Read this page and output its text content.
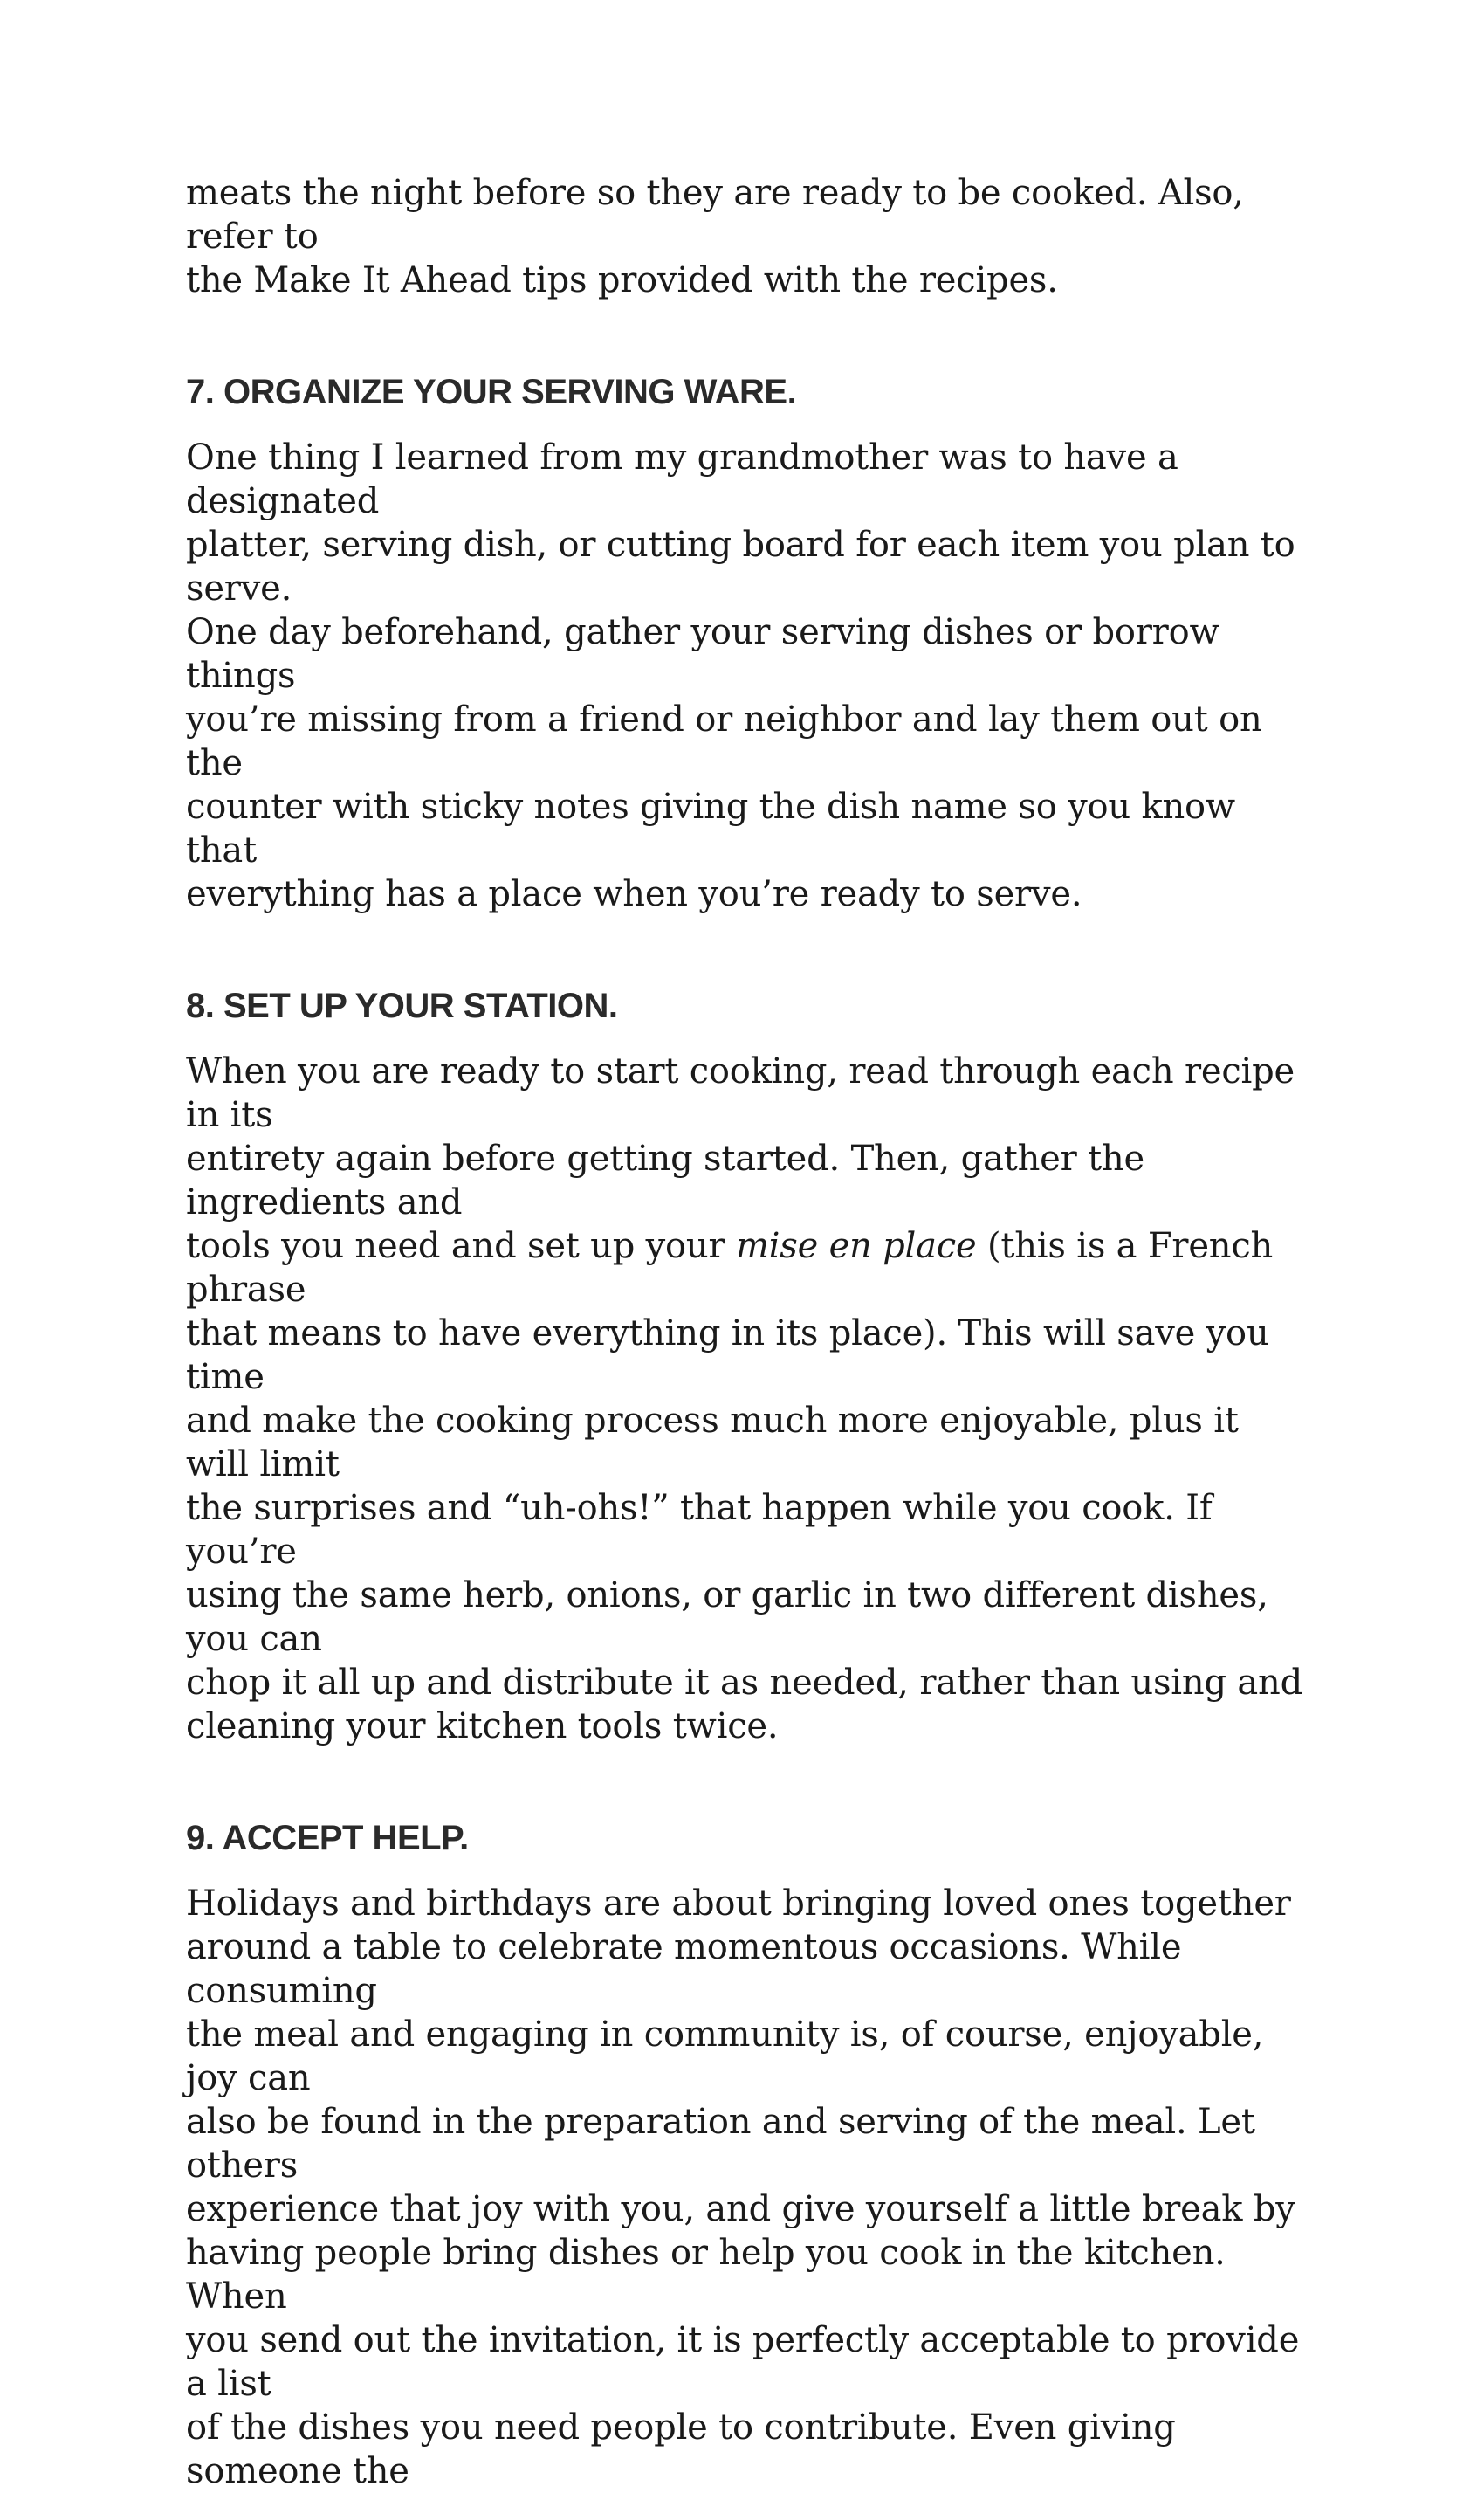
meats the night before so they are ready to be cooked. Also, refer to
the Make It Ahead tips provided with the recipes.

7. ORGANIZE YOUR SERVING WARE.

One thing I learned from my grandmother was to have a designated
platter, serving dish, or cutting board for each item you plan to serve.
One day beforehand, gather your serving dishes or borrow things
you’re missing from a friend or neighbor and lay them out on the
counter with sticky notes giving the dish name so you know that
everything has a place when you’re ready to serve.

8. SET UP YOUR STATION.

When you are ready to start cooking, read through each recipe in its
entirety again before getting started. Then, gather the ingredients and
tools you need and set up your mise en place (this is a French phrase
that means to have everything in its place). This will save you time
and make the cooking process much more enjoyable, plus it will limit
the surprises and “uh-ohs!” that happen while you cook. If you’re
using the same herb, onions, or garlic in two different dishes, you can
chop it all up and distribute it as needed, rather than using and
cleaning your kitchen tools twice.

9. ACCEPT HELP.

Holidays and birthdays are about bringing loved ones together
around a table to celebrate momentous occasions. While consuming
the meal and engaging in community is, of course, enjoyable, joy can
also be found in the preparation and serving of the meal. Let others
experience that joy with you, and give yourself a little break by
having people bring dishes or help you cook in the kitchen. When
you send out the invitation, it is perfectly acceptable to provide a list
of the dishes you need people to contribute. Even giving someone the
